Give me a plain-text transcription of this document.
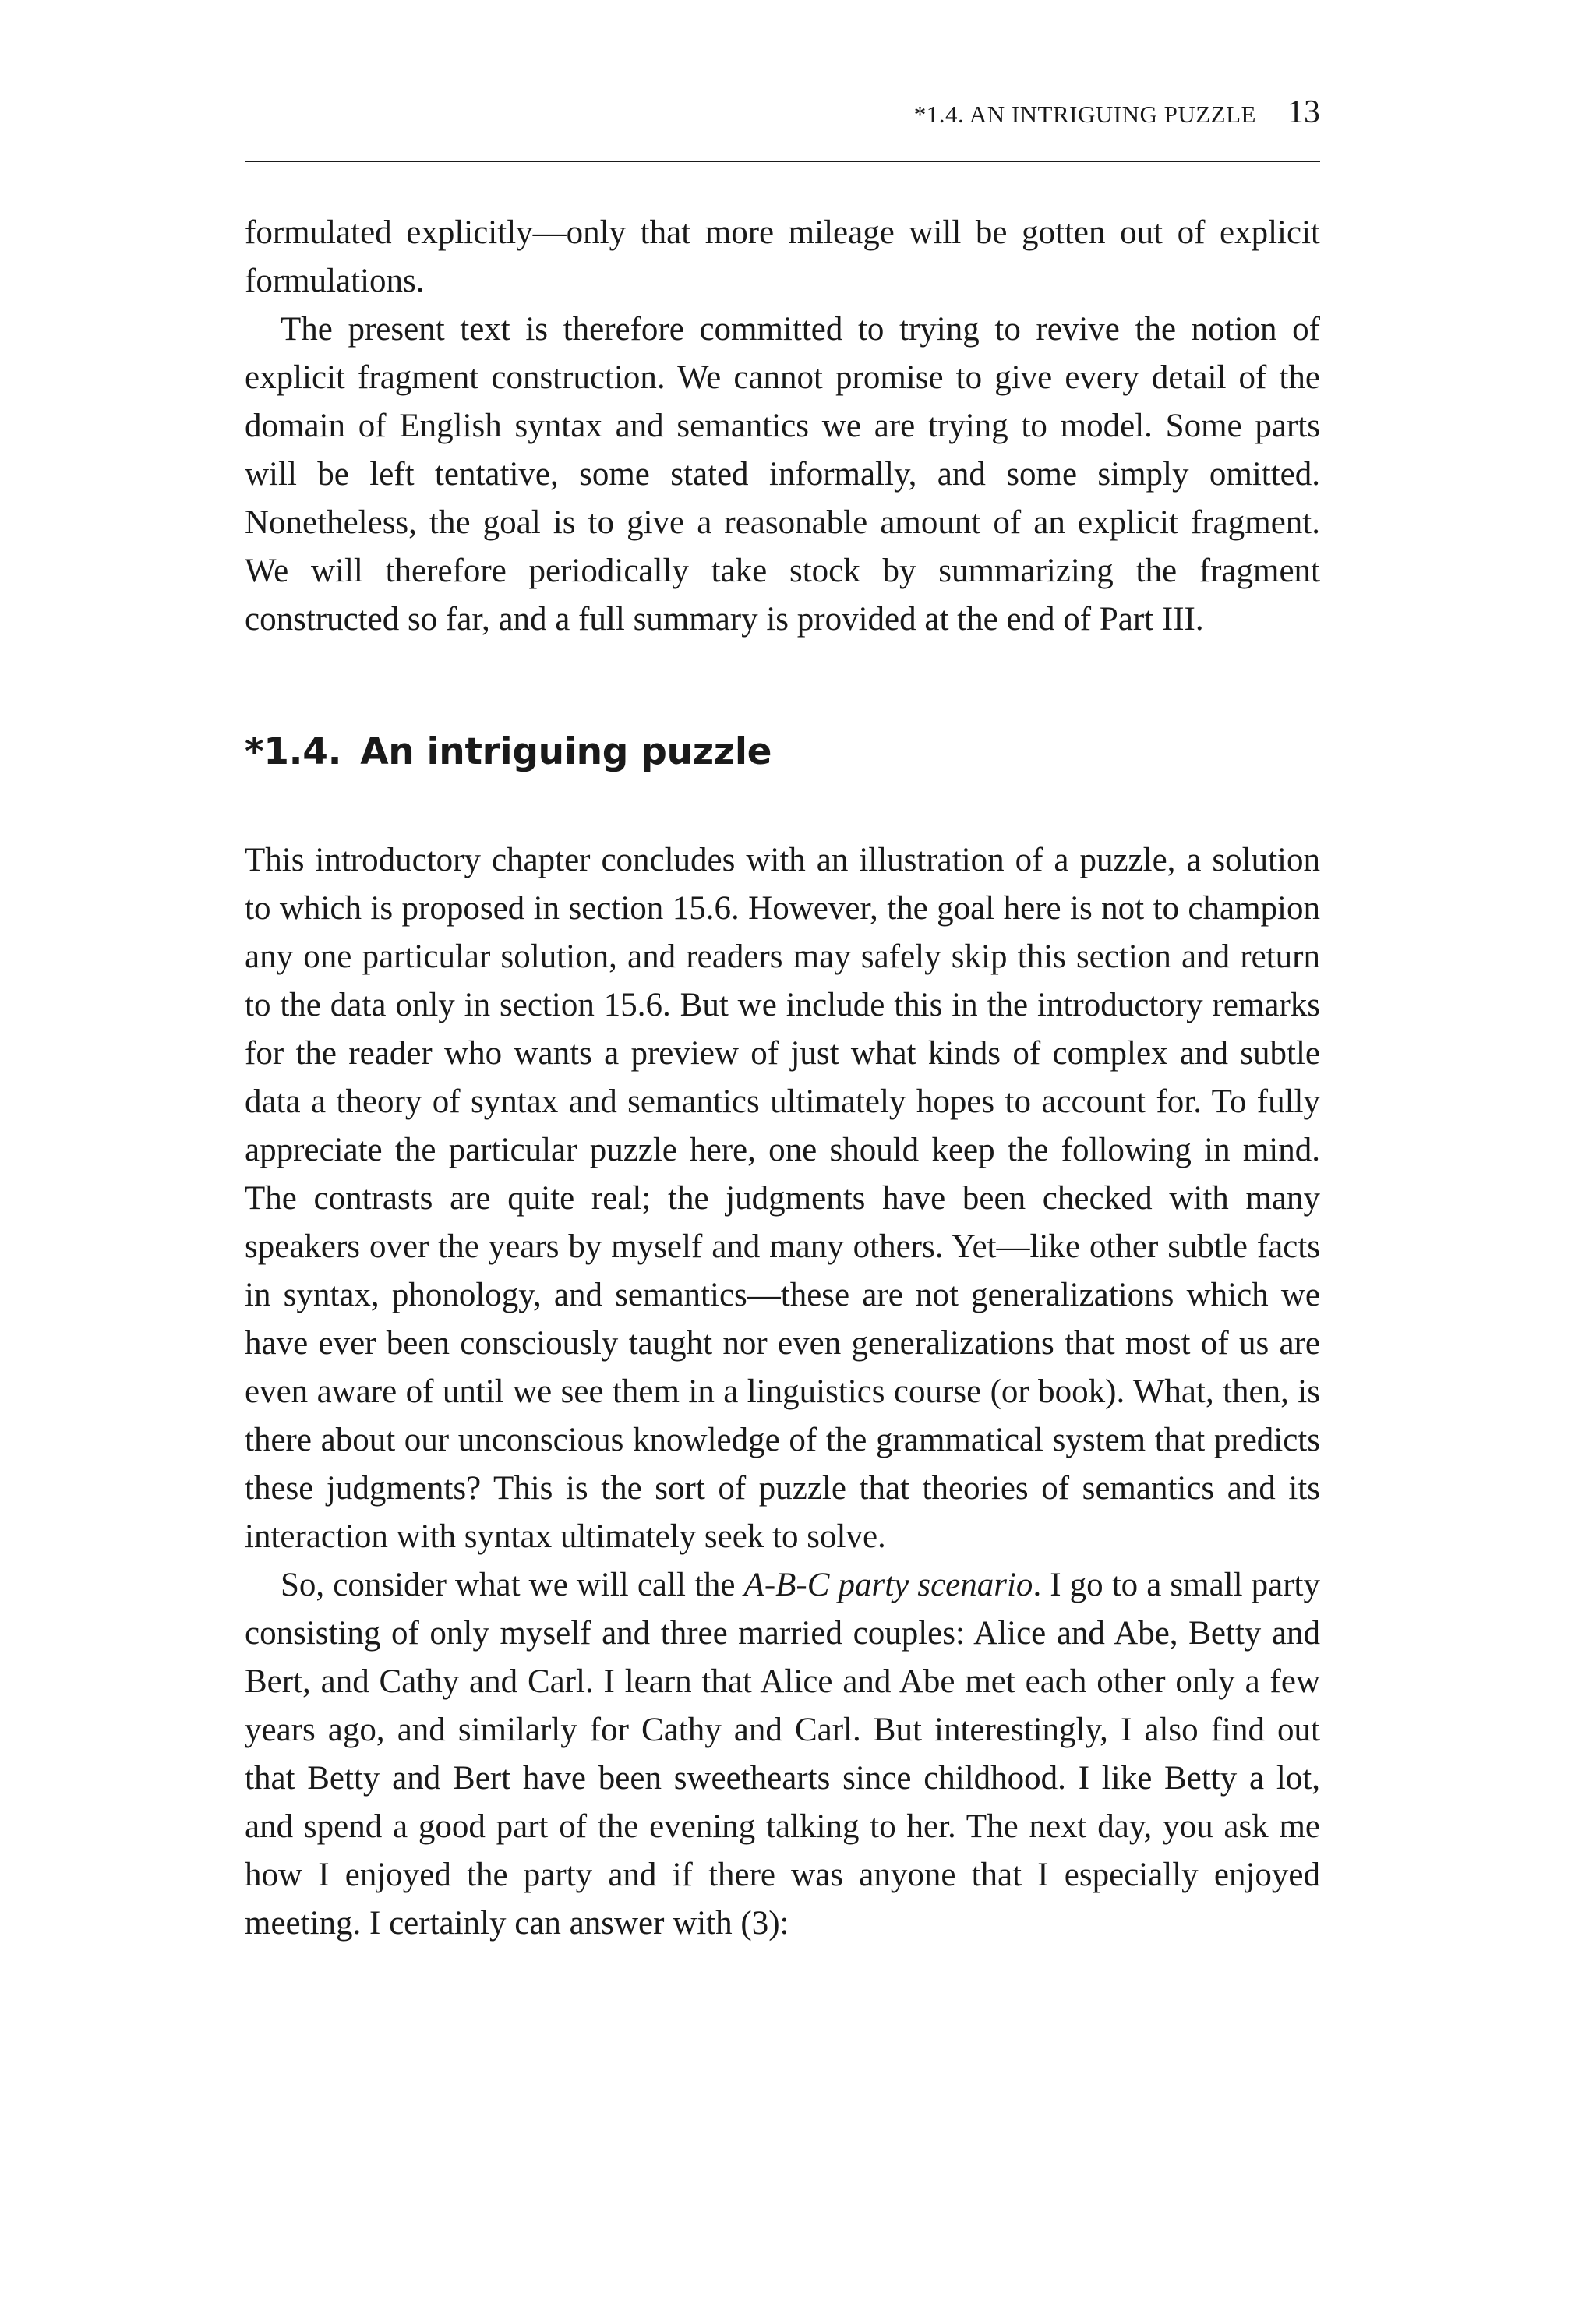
*1.4. AN INTRIGUING PUZZLE 13

formulated explicitly—only that more mileage will be gotten out of explicit formulations.

The present text is therefore committed to trying to revive the notion of explicit fragment construction. We cannot promise to give every detail of the domain of English syntax and semantics we are trying to model. Some parts will be left tentative, some stated informally, and some simply omitted. Nonetheless, the goal is to give a reasonable amount of an explicit fragment. We will therefore periodically take stock by summarizing the fragment constructed so far, and a full summary is provided at the end of Part III.

*1.4. An intriguing puzzle

This introductory chapter concludes with an illustration of a puzzle, a solution to which is proposed in section 15.6. However, the goal here is not to champion any one particular solution, and readers may safely skip this section and return to the data only in section 15.6. But we include this in the introductory remarks for the reader who wants a preview of just what kinds of complex and subtle data a theory of syntax and semantics ultimately hopes to account for. To fully appreciate the particular puzzle here, one should keep the following in mind. The contrasts are quite real; the judgments have been checked with many speakers over the years by myself and many others. Yet—like other subtle facts in syntax, phonology, and semantics—these are not generalizations which we have ever been consciously taught nor even generalizations that most of us are even aware of until we see them in a linguistics course (or book). What, then, is there about our unconscious knowledge of the grammatical system that predicts these judgments? This is the sort of puzzle that theories of semantics and its interaction with syntax ultimately seek to solve.

So, consider what we will call the A-B-C party scenario. I go to a small party consisting of only myself and three married couples: Alice and Abe, Betty and Bert, and Cathy and Carl. I learn that Alice and Abe met each other only a few years ago, and similarly for Cathy and Carl. But interestingly, I also find out that Betty and Bert have been sweethearts since childhood. I like Betty a lot, and spend a good part of the evening talking to her. The next day, you ask me how I enjoyed the party and if there was anyone that I especially enjoyed meeting. I certainly can answer with (3):
